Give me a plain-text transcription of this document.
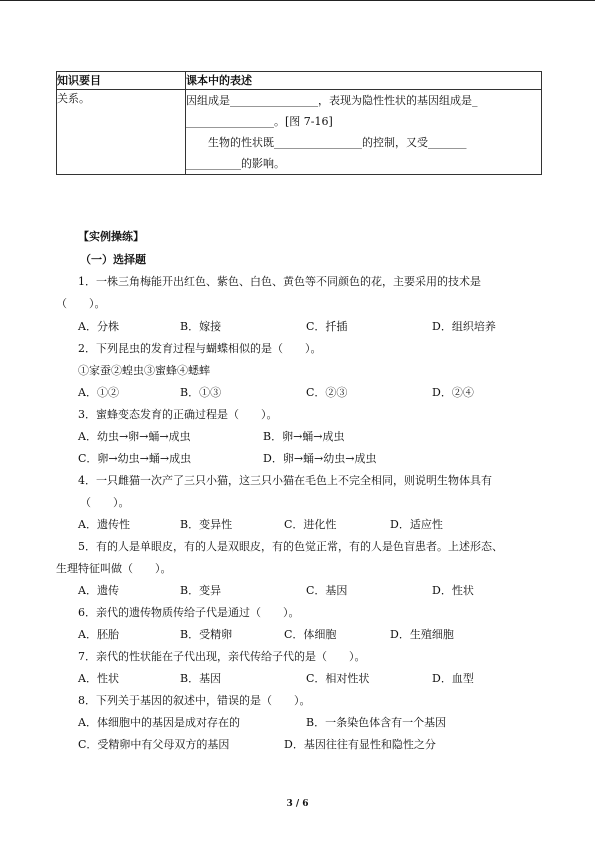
知识要目	课本中的表述
关系。	因组成是________________，表现为隐性性状的基因组成是_
________________。[图 7-16]
生物的性状既________________的控制，又受_______
__________的影响。
【实例操练】
（一）选择题
1．一株三角梅能开出红色、紫色、白色、黄色等不同颜色的花，主要采用的技术是
（　　）。
A．分株	B．嫁接	C．扦插	D．组织培养
2．下列昆虫的发育过程与蝴蝶相似的是（　　）。
①家蚕②蝗虫③蜜蜂④蟋蟀
A．①②	B．①③	C．②③	D．②④
3．蜜蜂变态发育的正确过程是（　　）。
A．幼虫→卵→蛹→成虫	B．卵→蛹→成虫
C．卵→幼虫→蛹→成虫	D．卵→蛹→幼虫→成虫
4．一只雌猫一次产了三只小猫，这三只小猫在毛色上不完全相同，则说明生物体具有
（　　）。
A．遗传性	B．变异性	C．进化性	D．适应性
5．有的人是单眼皮，有的人是双眼皮，有的色觉正常，有的人是色盲患者。上述形态、
生理特征叫做（　　）。
A．遗传	B．变异	C．基因	D．性状
6．亲代的遗传物质传给子代是通过（　　）。
A．胚胎	B．受精卵	C．体细胞	D．生殖细胞
7．亲代的性状能在子代出现，亲代传给子代的是（　　）。
A．性状	B．基因	C．相对性状	D．血型
8．下列关于基因的叙述中，错误的是（　　）。
A．体细胞中的基因是成对存在的	B．一条染色体含有一个基因
C．受精卵中有父母双方的基因	D．基因往往有显性和隐性之分
3 / 6
